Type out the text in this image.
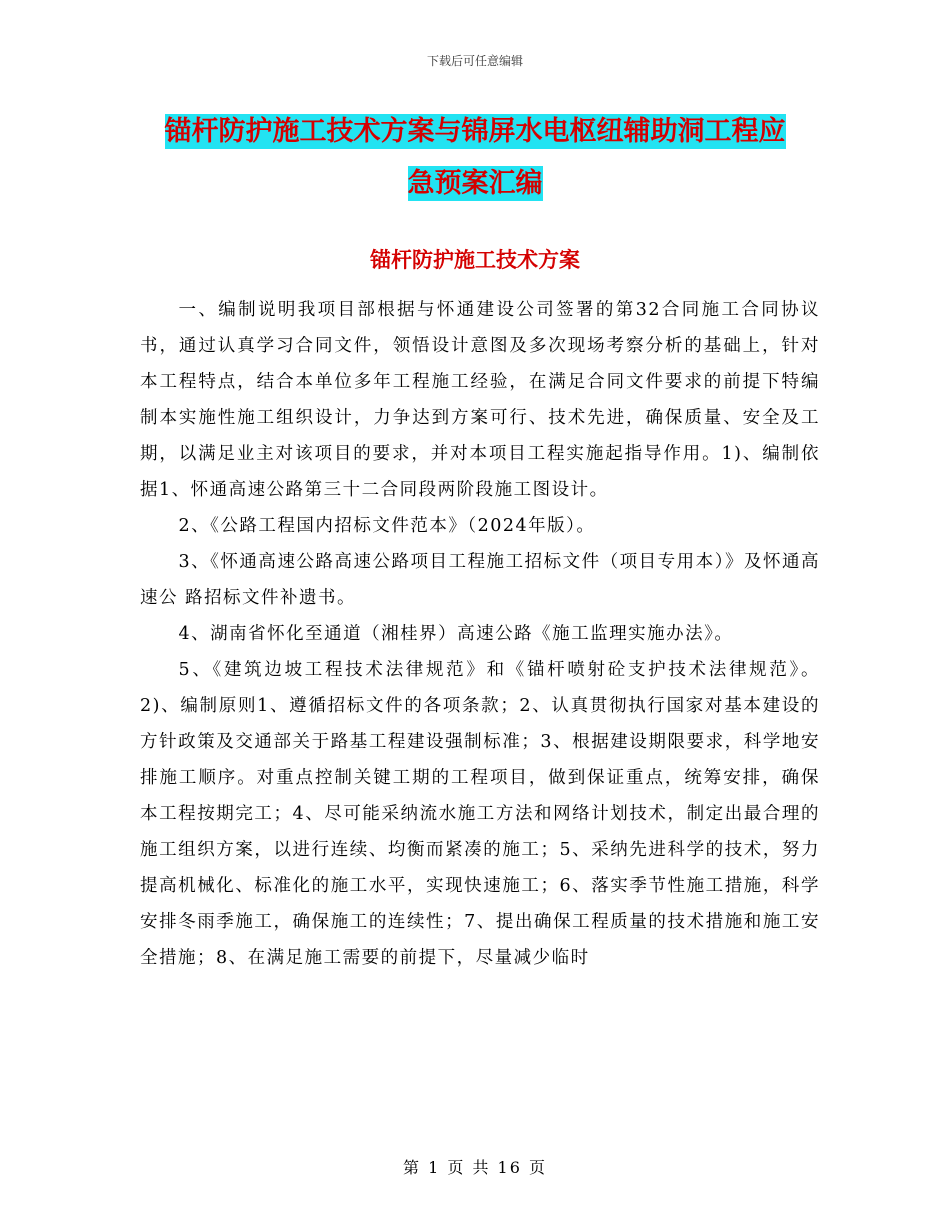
下载后可任意编辑
锚杆防护施工技术方案与锦屏水电枢纽辅助洞工程应
急预案汇编
锚杆防护施工技术方案

一、编制说明我项目部根据与怀通建设公司签署的第32合同施工合同协议书，通过认真学习合同文件，领悟设计意图及多次现场考察分析的基础上，针对本工程特点，结合本单位多年工程施工经验，在满足合同文件要求的前提下特编制本实施性施工组织设计，力争达到方案可行、技术先进，确保质量、安全及工期，以满足业主对该项目的要求，并对本项目工程实施起指导作用。1)、编制依据1、怀通高速公路第三十二合同段两阶段施工图设计。

2、《公路工程国内招标文件范本》（2024年版）。

3、《怀通高速公路高速公路项目工程施工招标文件（项目专用本）》及怀通高速公 路招标文件补遗书。

4、湖南省怀化至通道（湘桂界）高速公路《施工监理实施办法》。

5、《建筑边坡工程技术法律规范》和《锚杆喷射砼支护技术法律规范》。2)、编制原则1、遵循招标文件的各项条款；2、认真贯彻执行国家对基本建设的方针政策及交通部关于路基工程建设强制标准；3、根据建设期限要求，科学地安排施工顺序。对重点控制关键工期的工程项目，做到保证重点，统筹安排，确保本工程按期完工；4、尽可能采纳流水施工方法和网络计划技术，制定出最合理的施工组织方案，以进行连续、均衡而紧凑的施工；5、采纳先进科学的技术，努力提高机械化、标准化的施工水平，实现快速施工；6、落实季节性施工措施，科学安排冬雨季施工，确保施工的连续性；7、提出确保工程质量的技术措施和施工安全措施；8、在满足施工需要的前提下，尽量减少临时

第 1 页 共 16 页
